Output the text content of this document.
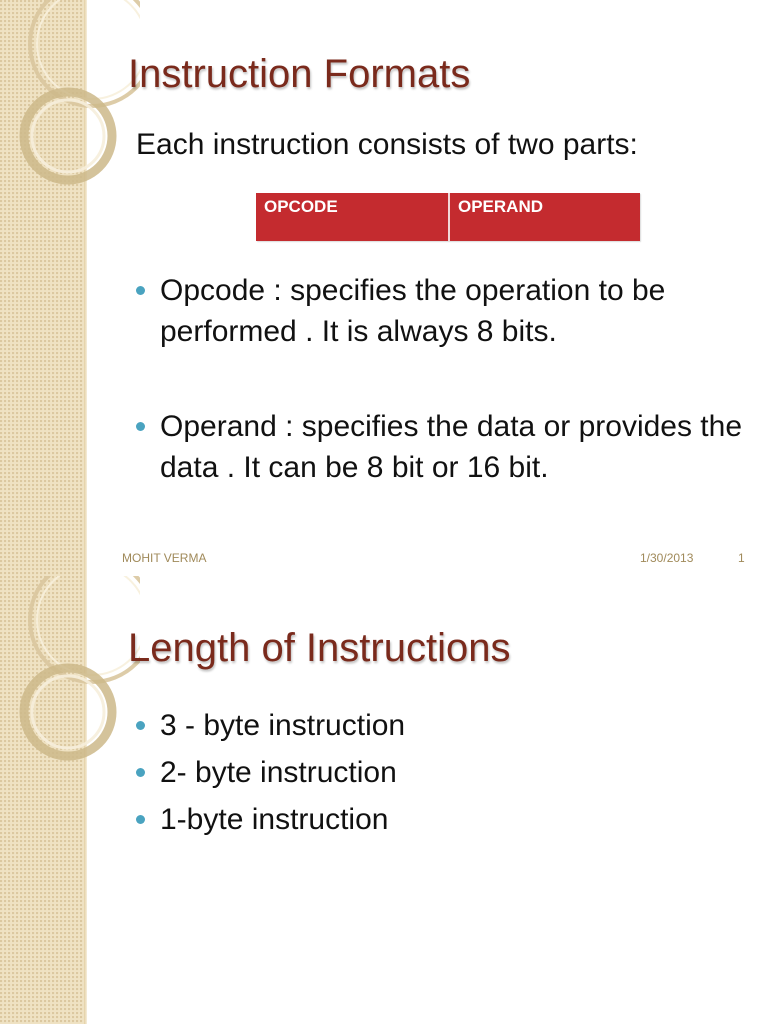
Instruction Formats

Each instruction consists of two parts:

OPCODE	OPERAND
Opcode : specifies the operation to be performed . It is always 8 bits.
Operand : specifies the data or provides the data . It can be 8 bit or 16 bit.
MOHIT VERMA	1/30/2013	1
Length of Instructions
3 - byte instruction
2- byte instruction
1-byte instruction
